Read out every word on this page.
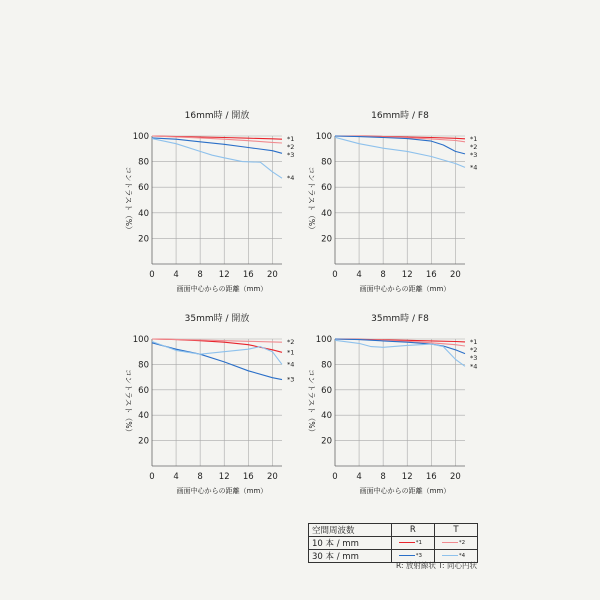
16mm時 / 開放
0 4 8 12 16 20
20
40
60
80
100
コントラスト（%）
画面中心からの距離（mm）
*1
*2
*3
*4
16mm時 / F8
0 4 8 12 16 20
20
40
60
80
100
コントラスト（%）
画面中心からの距離（mm）
*1
*2
*3
*4
35mm時 / 開放
0 4 8 12 16 20
20
40
60
80
100
コントラスト（%）
画面中心からの距離（mm）
*2
*1
*4
*3
35mm時 / F8
0 4 8 12 16 20
20
40
60
80
100
コントラスト（%）
画面中心からの距離（mm）
*1
*2
*3
*4
空間周波数	R	T
10 本 / mm	*1	*2
30 本 / mm	*3	*4
R: 放射線状 T: 同心円状
